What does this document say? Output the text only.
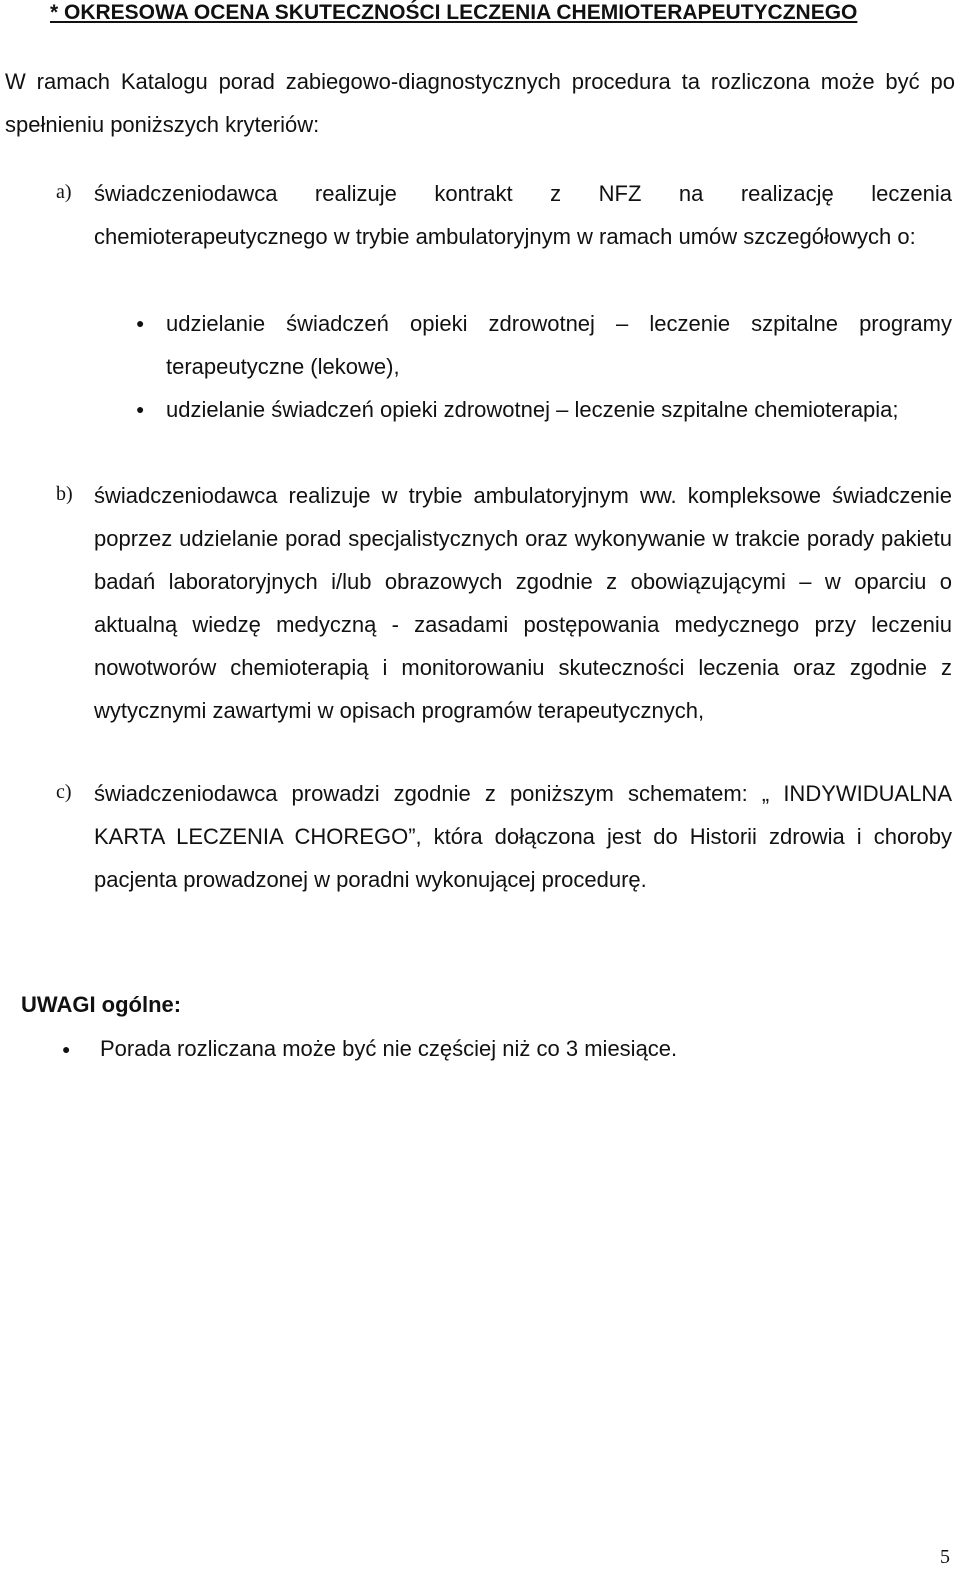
* OKRESOWA OCENA SKUTECZNOŚCI LECZENIA CHEMIOTERAPEUTYCZNEGO
W ramach Katalogu porad zabiegowo-diagnostycznych procedura ta rozliczona może być po spełnieniu poniższych kryteriów:
a) świadczeniodawca realizuje kontrakt z NFZ na realizację leczenia chemioterapeutycznego w trybie ambulatoryjnym w ramach umów szczegółowych o:
● udzielanie świadczeń opieki zdrowotnej – leczenie szpitalne programy terapeutyczne (lekowe),
● udzielanie świadczeń opieki zdrowotnej – leczenie szpitalne chemioterapia;
b) świadczeniodawca realizuje w trybie ambulatoryjnym ww. kompleksowe świadczenie poprzez udzielanie porad specjalistycznych oraz wykonywanie w trakcie porady pakietu badań laboratoryjnych i/lub obrazowych zgodnie z obowiązującymi – w oparciu o aktualną wiedzę medyczną - zasadami postępowania medycznego przy leczeniu nowotworów chemioterapią i monitorowaniu skuteczności leczenia oraz zgodnie z wytycznymi zawartymi w opisach programów terapeutycznych,
c) świadczeniodawca prowadzi zgodnie z poniższym schematem: „ INDYWIDUALNA KARTA LECZENIA CHOREGO”, która dołączona jest do Historii zdrowia i choroby pacjenta prowadzonej w poradni wykonującej procedurę.
UWAGI ogólne:
● Porada rozliczana może być nie częściej niż co 3 miesiące.
5
